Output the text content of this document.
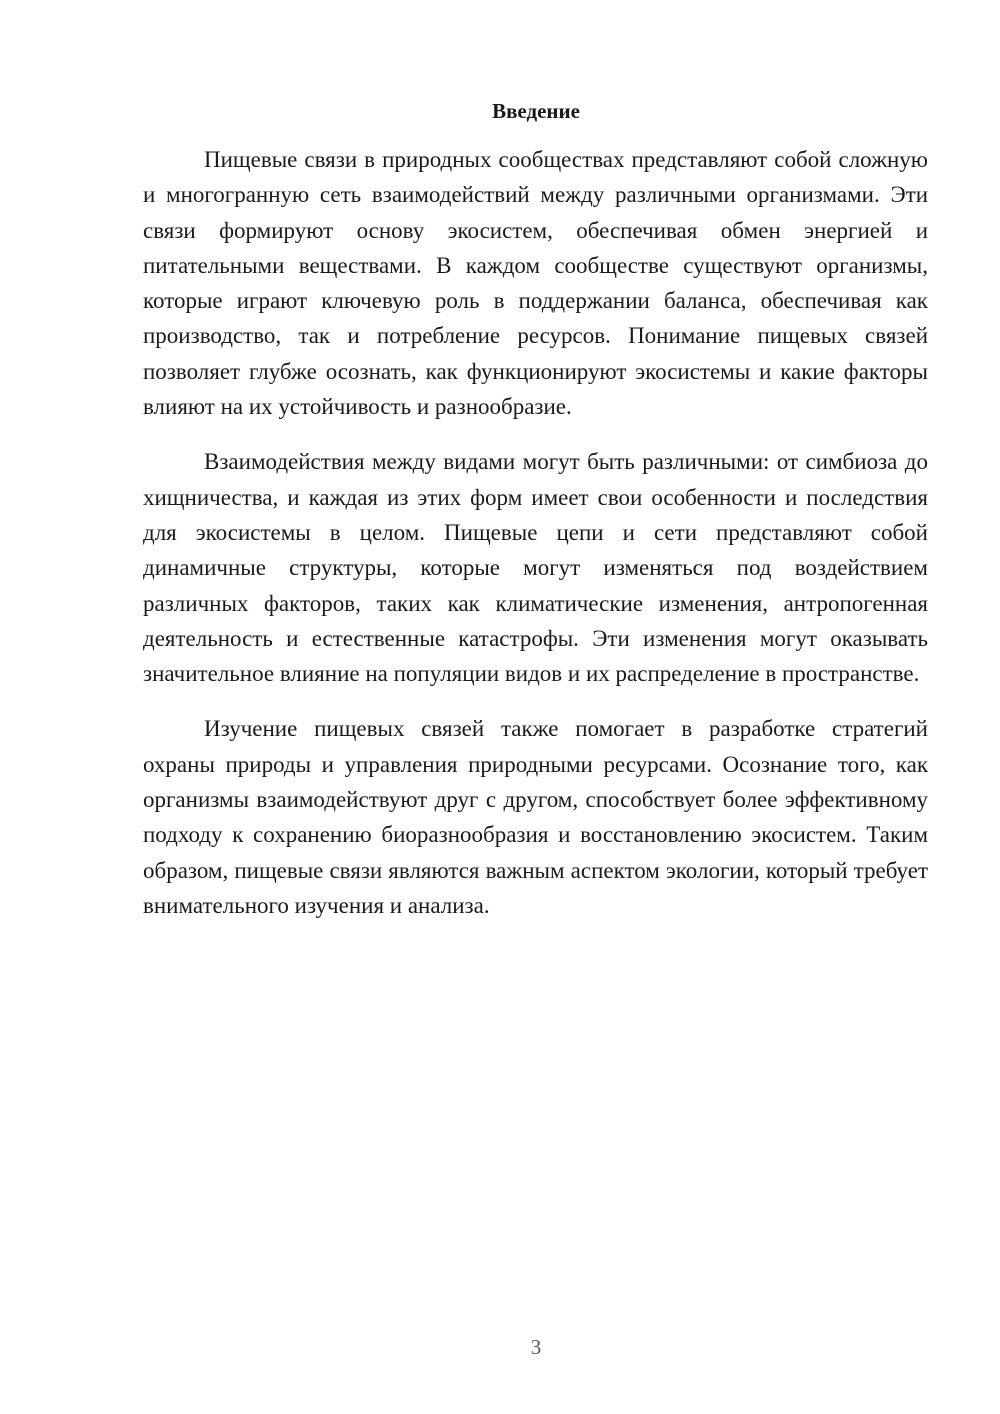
Введение

Пищевые связи в природных сообществах представляют собой сложную и многогранную сеть взаимодействий между различными организмами. Эти связи формируют основу экосистем, обеспечивая обмен энергией и питательными веществами. В каждом сообществе существуют организмы, которые играют ключевую роль в поддержании баланса, обеспечивая как производство, так и потребление ресурсов. Понимание пищевых связей позволяет глубже осознать, как функционируют экосистемы и какие факторы влияют на их устойчивость и разнообразие.

Взаимодействия между видами могут быть различными: от симбиоза до хищничества, и каждая из этих форм имеет свои особенности и последствия для экосистемы в целом. Пищевые цепи и сети представляют собой динамичные структуры, которые могут изменяться под воздействием различных факторов, таких как климатические изменения, антропогенная деятельность и естественные катастрофы. Эти изменения могут оказывать значительное влияние на популяции видов и их распределение в пространстве.

Изучение пищевых связей также помогает в разработке стратегий охраны природы и управления природными ресурсами. Осознание того, как организмы взаимодействуют друг с другом, способствует более эффективному подходу к сохранению биоразнообразия и восстановлению экосистем. Таким образом, пищевые связи являются важным аспектом экологии, который требует внимательного изучения и анализа.

3
